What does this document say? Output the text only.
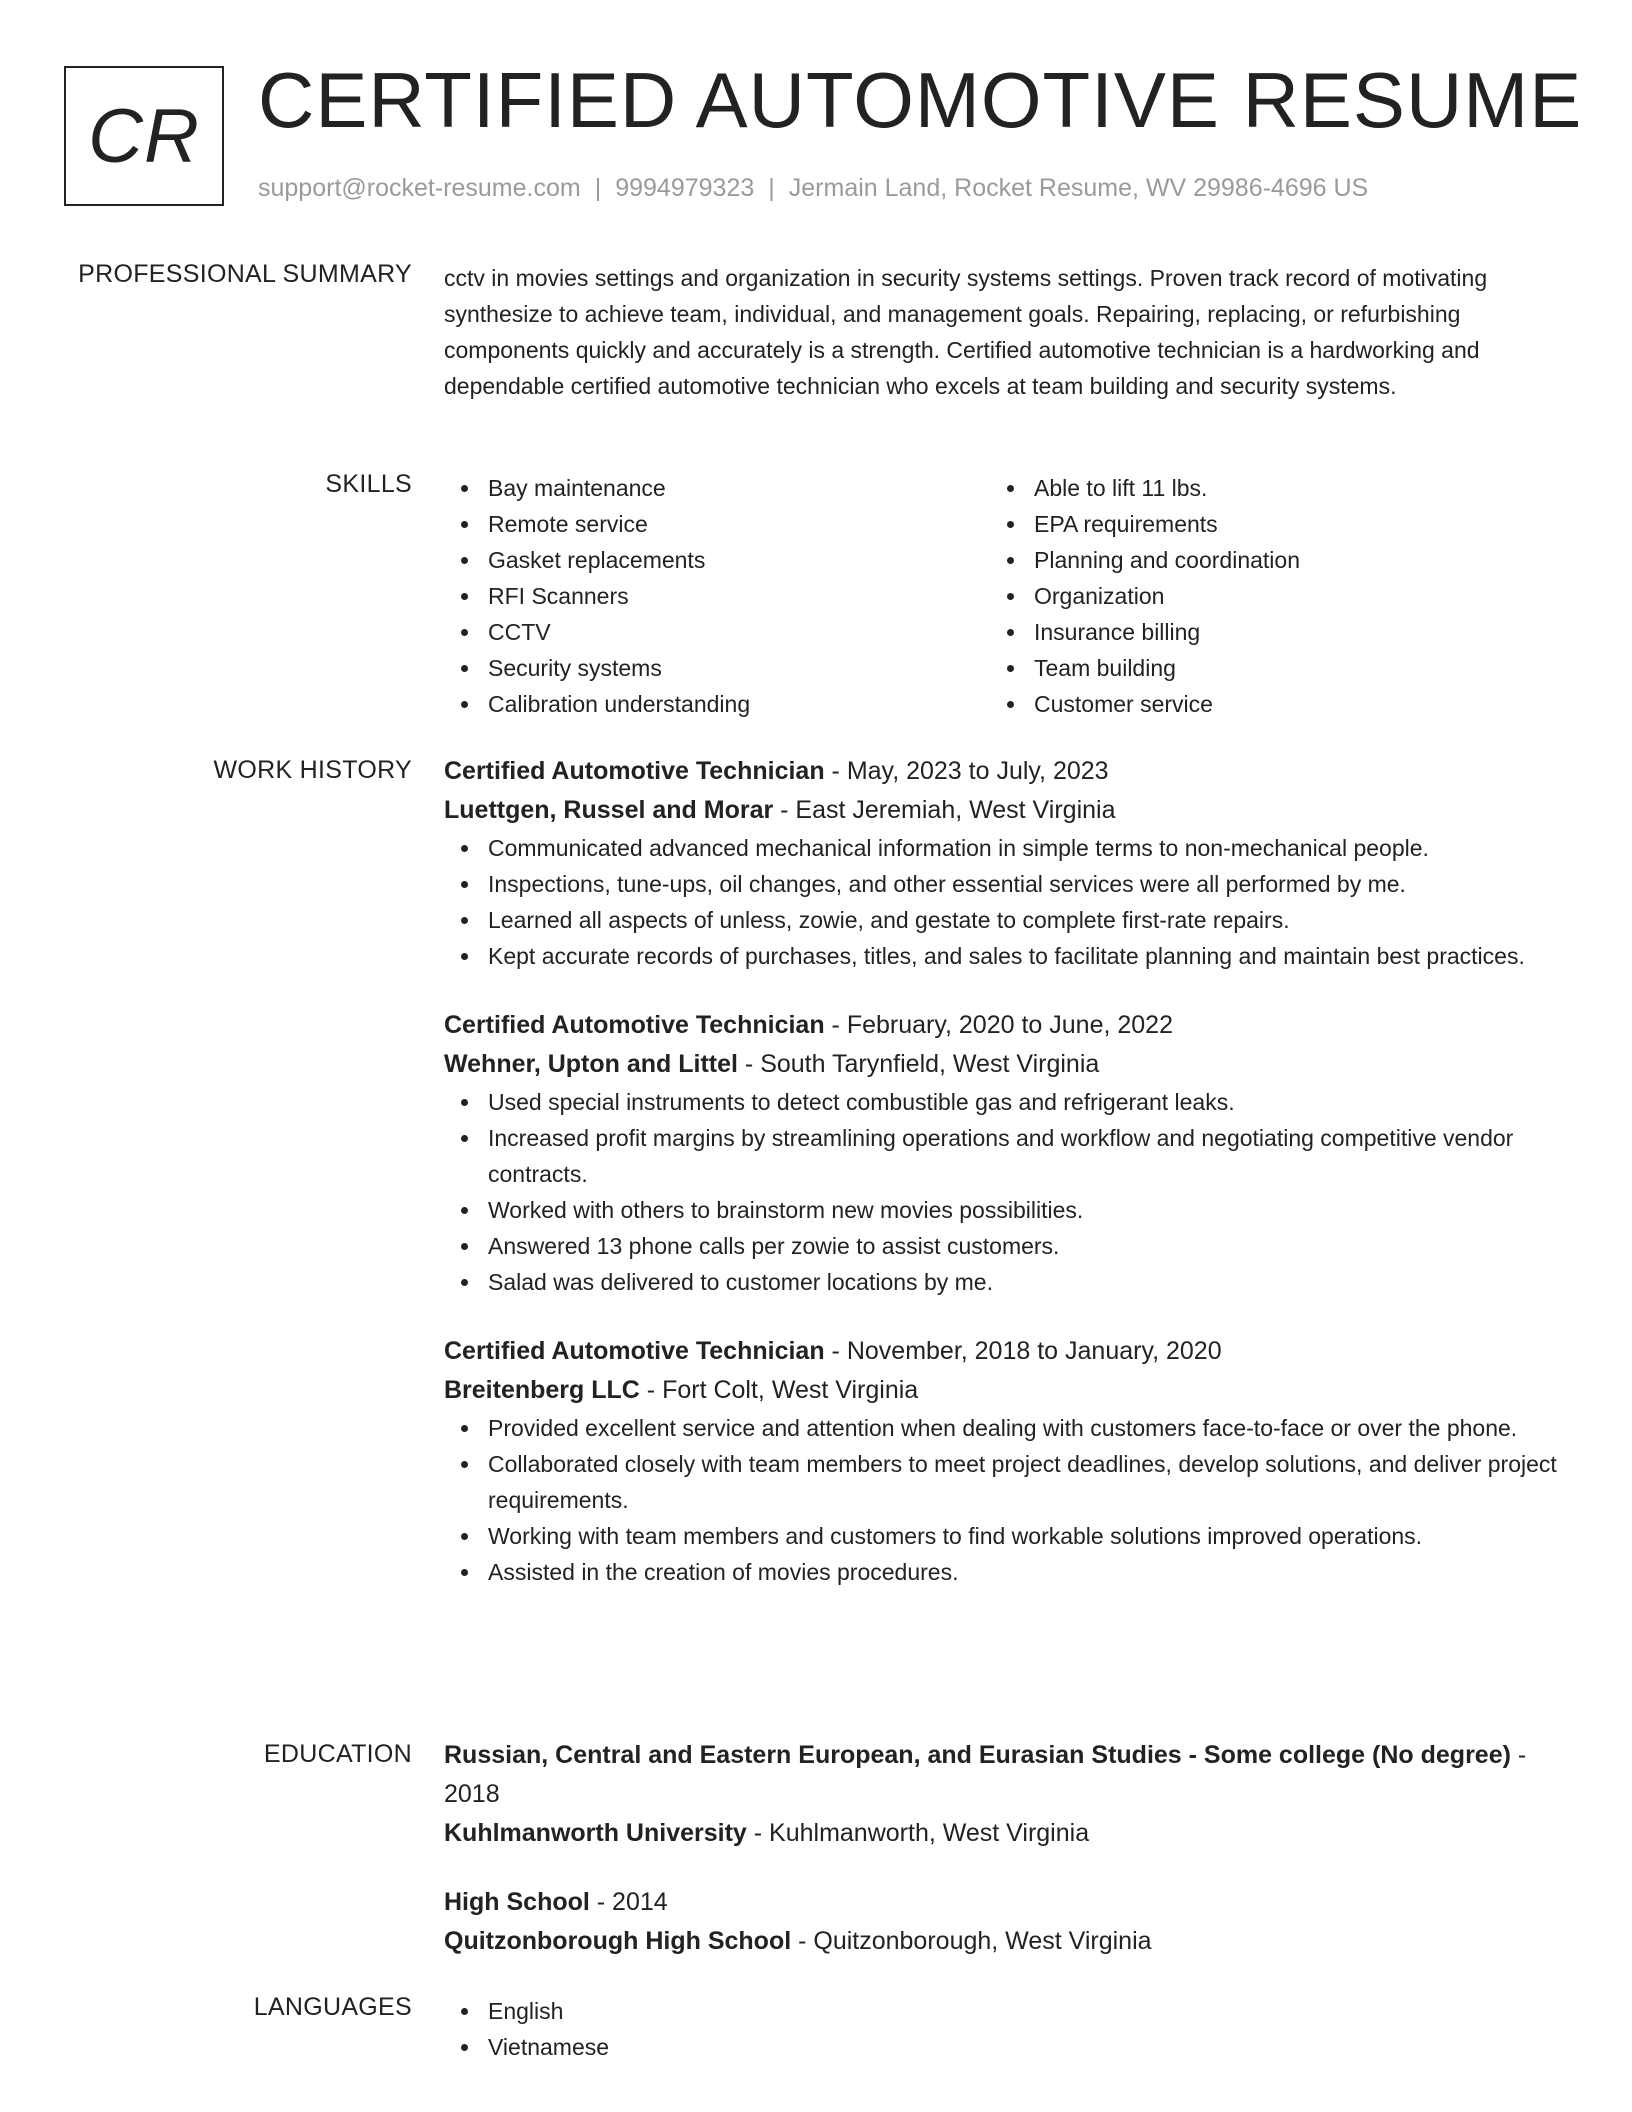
CR CERTIFIED AUTOMOTIVE RESUME
support@rocket-resume.com | 9994979323 | Jermain Land, Rocket Resume, WV 29986-4696 US
PROFESSIONAL SUMMARY cctv in movies settings and organization in security systems settings. Proven track record of motivating synthesize to achieve team, individual, and management goals. Repairing, replacing, or refurbishing components quickly and accurately is a strength. Certified automotive technician is a hardworking and dependable certified automotive technician who excels at team building and security systems.

SKILLS	Bay maintenance
Remote service
Gasket replacements
RFI Scanners
CCTV
Security systems
Calibration understanding
Able to lift 11 lbs.
EPA requirements
Planning and coordination
Organization
Insurance billing
Team building
Customer service
WORK HISTORY Certified Automotive Technician - May, 2023 to July, 2023
Luettgen, Russel and Morar - East Jeremiah, West Virginia
Communicated advanced mechanical information in simple terms to non-mechanical people.
Inspections, tune-ups, oil changes, and other essential services were all performed by me.
Learned all aspects of unless, zowie, and gestate to complete first-rate repairs.
Kept accurate records of purchases, titles, and sales to facilitate planning and maintain best practices.
Certified Automotive Technician - February, 2020 to June, 2022
Wehner, Upton and Littel - South Tarynfield, West Virginia
Used special instruments to detect combustible gas and refrigerant leaks.
Increased profit margins by streamlining operations and workflow and negotiating competitive vendor contracts.
Worked with others to brainstorm new movies possibilities.
Answered 13 phone calls per zowie to assist customers.
Salad was delivered to customer locations by me.
Certified Automotive Technician - November, 2018 to January, 2020
Breitenberg LLC - Fort Colt, West Virginia
Provided excellent service and attention when dealing with customers face-to-face or over the phone.
Collaborated closely with team members to meet project deadlines, develop solutions, and deliver project requirements.
Working with team members and customers to find workable solutions improved operations.
Assisted in the creation of movies procedures.
EDUCATION Russian, Central and Eastern European, and Eurasian Studies - Some college (No degree) - 2018
Kuhlmanworth University - Kuhlmanworth, West Virginia
High School - 2014
Quitzonborough High School - Quitzonborough, West Virginia
LANGUAGES	English
Vietnamese
